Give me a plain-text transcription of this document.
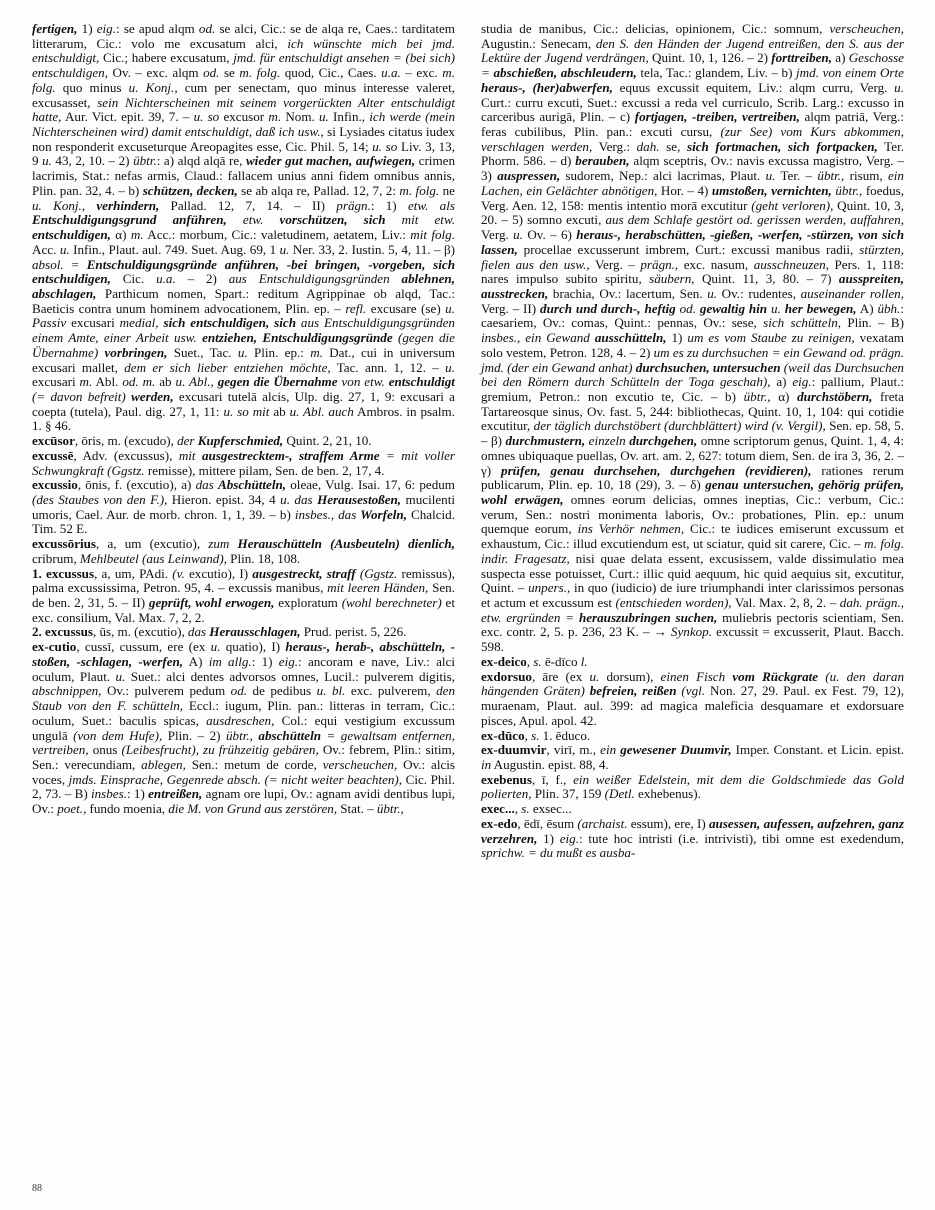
fertigen, 1) eig.: se apud alqm od. se alci, Cic.: se de alqa re, Caes.: tarditatem litterarum, Cic.: volo me excusatum alci, ich wünschte mich bei jmd. entschuldigt, Cic.; habere excusatum, jmd. für entschuldigt ansehen = (bei sich) entschuldigen, Ov. – exc. alqm od. se m. folg. quod, Cic., Caes. u.a. – exc. m. folg. quo minus u. Konj., cum per senectam, quo minus interesse valeret, excusasset, sein Nichterscheinen mit seinem vorgerückten Alter entschuldigt hatte, Aur. Vict. epit. 39, 7. – u. so excusor m. Nom. u. Infin., ich werde (mein Nichterscheinen wird) damit entschuldigt, daß ich usw., si Lysiades citatus iudex non responderit excuseturque Areopagites esse, Cic. Phil. 5, 14; u. so Liv. 3, 13, 9 u. 43, 2, 10. – 2) übtr.: a) alqd alqā re, wieder gut machen, aufwiegen, crimen lacrimis, Stat.: nefas armis, Claud.: fallacem unius anni fidem omnibus annis, Plin. pan. 32, 4. – b) schützen, decken, se ab alqa re, Pallad. 12, 7, 2: m. folg. ne u. Konj., verhindern, Pallad. 12, 7, 14. – II) prägn.: 1) etw. als Entschuldigungsgrund anführen, etw. vorschützen, sich mit etw. entschuldigen, α) m. Acc.: morbum, Cic.: valetudinem, aetatem, Liv.: mit folg. Acc. u. Infin., Plaut. aul. 749. Suet. Aug. 69, 1 u. Ner. 33, 2. Iustin. 5, 4, 11. – β) absol. = Entschuldigungsgründe anführen, -bei bringen, -vorgeben, sich entschuldigen, Cic. u.a. – 2) aus Entschuldigungsgründen ablehnen, abschlagen, Parthicum nomen, Spart.: reditum Agrippinae ob alqd, Tac.: Baeticis contra unum hominem advocationem, Plin. ep. – refl. excusare (se) u. Passiv excusari medial, sich entschuldigen, sich aus Entschuldigungsgründen einem Amte, einer Arbeit usw. entziehen, Entschuldigungsgründe (gegen die Übernahme) vorbringen, Suet., Tac. u. Plin. ep.: m. Dat., cui in universum excusari mallet, dem er sich lieber entziehen möchte, Tac. ann. 1, 12. – u. excusari m. Abl. od. m. ab u. Abl., gegen die Übernahme von etw. entschuldigt (= davon befreit) werden, excusari tutelā alcis, Ulp. dig. 27, 1, 9: excusari a coepta (tutela), Paul. dig. 27, 1, 11: u. so mit ab u. Abl. auch Ambros. in psalm. 1. § 46.

excūsor, ōris, m. (excudo), der Kupferschmied, Quint. 2, 21, 10.

excussē, Adv. (excussus), mit ausgestrecktem-, straffem Arme = mit voller Schwungkraft (Ggstz. remisse), mittere pilam, Sen. de ben. 2, 17, 4.

excussio, ōnis, f. (excutio), a) das Abschütteln, oleae, Vulg. Isai. 17, 6: pedum (des Staubes von den F.), Hieron. epist. 34, 4 u. das Herausestoßen, mucilenti umoris, Cael. Aur. de morb. chron. 1, 1, 39. – b) insbes., das Worfeln, Chalcid. Tim. 52 E.

excussōrius, a, um (excutio), zum Herauschütteln (Ausbeuteln) dienlich, cribrum, Mehlbeutel (aus Leinwand), Plin. 18, 108.

1. excussus, a, um, PAdi. (v. excutio), I) ausgestreckt, straff (Ggstz. remissus), palma excussissima, Petron. 95, 4. – excussis manibus, mit leeren Händen, Sen. de ben. 2, 31, 5. – II) geprüft, wohl erwogen, exploratum (wohl berechneter) et exc. consilium, Val. Max. 7, 2, 2.

2. excussus, ūs, m. (excutio), das Herausschlagen, Prud. perist. 5, 226.

ex-cutio, cussī, cussum, ere (ex u. quatio), I) heraus-, herab-, abschütteln, -stoßen, -schlagen, -werfen, A) im allg.: 1) eig.: ancoram e nave, Liv.: alci oculum, Plaut. u. Suet.: alci dentes advorsos omnes, Lucil.: pulverem digitis, abschnippen, Ov.: pulverem pedum od. de pedibus u. bl. exc. pulverem, den Staub von den F. schütteln, Eccl.: iugum, Plin. pan.: litteras in terram, Cic.: oculum, Suet.: baculis spicas, ausdreschen, Col.: equi vestigium excussum ungulā (von dem Hufe), Plin. – 2) übtr., abschütteln = gewaltsam entfernen, vertreiben, onus (Leibesfrucht), zu frühzeitig gebären, Ov.: febrem, Plin.: sitim, Sen.: verecundiam, ablegen, Sen.: metum de corde, verscheuchen, Ov.: alcis voces, jmds. Einsprache, Gegenrede absch. (= nicht weiter beachten), Cic. Phil. 2, 73. – B) insbes.: 1) entreißen, agnam ore lupi, Ov.: agnam avidi dentibus lupi, Ov.: poet., fundo moenia, die M. von Grund aus zerstören, Stat. – übtr.,

studia de manibus, Cic.: delicias, opinionem, Cic.: somnum, verscheuchen, Augustin.: Senecam, den S. den Händen der Jugend entreißen, den S. aus der Lektüre der Jugend verdrängen, Quint. 10, 1, 126. – 2) forttreiben, a) Geschosse = abschießen, abschleudern, tela, Tac.: glandem, Liv. – b) jmd. von einem Orte heraus-, (her)abwerfen, equus excussit equitem, Liv.: alqm curru, Verg. u. Curt.: curru excuti, Suet.: excussi a reda vel curriculo, Scrib. Larg.: excusso in carceribus aurigā, Plin. – c) fortjagen, -treiben, vertreiben, alqm patriā, Verg.: feras cubilibus, Plin. pan.: excuti cursu, (zur See) vom Kurs abkommen, verschlagen werden, Verg.: dah. se, sich fortmachen, sich fortpacken, Ter. Phorm. 586. – d) berauben, alqm sceptris, Ov.: navis excussa magistro, Verg. – 3) auspressen, sudorem, Nep.: alci lacrimas, Plaut. u. Ter. – übtr., risum, ein Lachen, ein Gelächter abnötigen, Hor. – 4) umstoßen, vernichten, übtr., foedus, Verg. Aen. 12, 158: mentis intentio morā excutitur (geht verloren), Quint. 10, 3, 20. – 5) somno excuti, aus dem Schlafe gestört od. gerissen werden, auffahren, Verg. u. Ov. – 6) heraus-, herabschütten, -gießen, -werfen, -stürzen, von sich lassen, procellae excusserunt imbrem, Curt.: excussi manibus radii, stürzten, fielen aus den usw., Verg. – prägn., exc. nasum, ausschneuzen, Pers. 1, 118: nares impulso subito spiritu, säubern, Quint. 11, 3, 80. – 7) ausspreiten, ausstrecken, brachia, Ov.: lacertum, Sen. u. Ov.: rudentes, auseinander rollen, Verg. – II) durch und durch-, heftig od. gewaltig hin u. her bewegen, A) übh.: caesariem, Ov.: comas, Quint.: pennas, Ov.: sese, sich schütteln, Plin. – B) insbes., ein Gewand ausschütteln, 1) um es vom Staube zu reinigen, vexatam solo vestem, Petron. 128, 4. – 2) um es zu durchsuchen = ein Gewand od. prägn. jmd. (der ein Gewand anhat) durchsuchen, untersuchen (weil das Durchsuchen bei den Römern durch Schütteln der Toga geschah), a) eig.: pallium, Plaut.: gremium, Petron.: non excutio te, Cic. – b) übtr., α) durchstöbern, freta Tartareosque sinus, Ov. fast. 5, 244: bibliothecas, Quint. 10, 1, 104: qui cotidie excutitur, der täglich durchstöbert (durchblättert) wird (v. Vergil), Sen. ep. 58, 5. – β) durchmustern, einzeln durchgehen, omne scriptorum genus, Quint. 1, 4, 4: omnes ubiquaque puellas, Ov. art. am. 2, 627: totum diem, Sen. de ira 3, 36, 2. – γ) prüfen, genau durchsehen, durchgehen (revidieren), rationes rerum publicarum, Plin. ep. 10, 18 (29), 3. – δ) genau untersuchen, gehörig prüfen, wohl erwägen, omnes eorum delicias, omnes ineptias, Cic.: verbum, Cic.: verum, Sen.: nostri monimenta laboris, Ov.: probationes, Plin. ep.: unum quemque eorum, ins Verhör nehmen, Cic.: te iudices emiserunt excussum et exhaustum, Cic.: illud excutiendum est, ut sciatur, quid sit carere, Cic. – m. folg. indir. Fragesatz, nisi quae delata essent, excusissem, valde dissimulatio mea suspecta esse potuisset, Curt.: illic quid aequum, hic quid aequius sit, excutitur, Quint. – unpers., in quo (iudicio) de iure triumphandi inter clarissimos personas et actum et excussum est (entschieden worden), Val. Max. 2, 8, 2. – dah. prägn., etw. ergründen = herauszubringen suchen, muliebris pectoris scientiam, Sen. exc. contr. 2, 5. p. 236, 23 K. – → Synkop. excussit = excusserit, Plaut. Bacch. 598.

ex-deico, s. ē-dīco l.

exdorsuo, āre (ex u. dorsum), einen Fisch vom Rückgrate (u. den daran hängenden Gräten) befreien, reißen (vgl. Non. 27, 29. Paul. ex Fest. 79, 12), muraenam, Plaut. aul. 399: ad magica maleficia desquamare et exdorsuare pisces, Apul. apol. 42.

ex-dūco, s. 1. ēduco.

ex-duumvir, virī, m., ein gewesener Duumvir, Imper. Constant. et Licin. epist. in Augustin. epist. 88, 4.

exebenus, ī, f., ein weißer Edelstein, mit dem die Goldschmiede das Gold polierten, Plin. 37, 159 (Detl. exhebenus).

exec..., s. exsec...

ex-edo, ēdī, ēsum (archaist. essum), ere, I) ausessen, aufessen, aufzehren, ganz verzehren, 1) eig.: tute hoc intristi (i.e. intrivisti), tibi omne est exedendum, sprichw. = du mußt es ausba-

88
